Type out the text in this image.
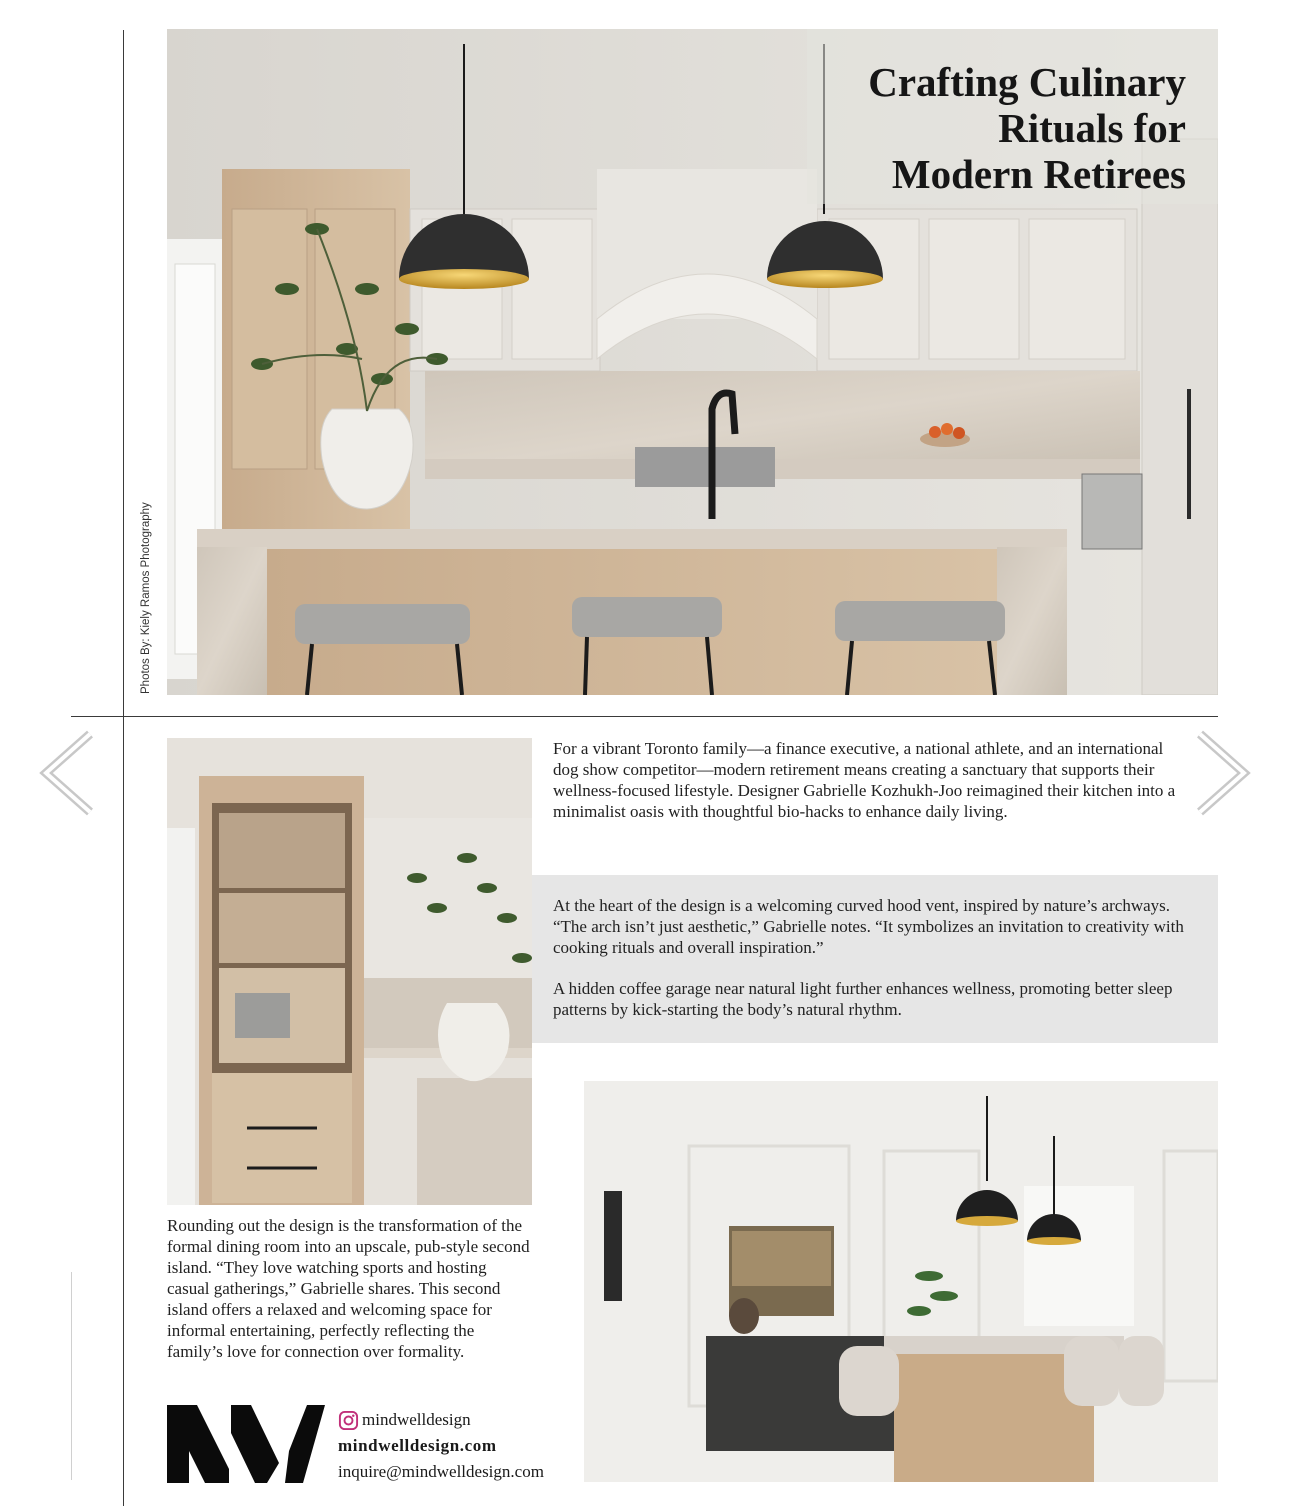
Photos By: Kiely Ramos Photography
Crafting Culinary
Rituals for
Modern Retirees
For a vibrant Toronto family—a finance executive, a national athlete, and an international dog show competitor—modern retirement means creating a sanctuary that supports their wellness-focused lifestyle. Designer Gabrielle Kozhukh-Joo reimagined their kitchen into a minimalist oasis with thoughtful bio-hacks to enhance daily living.
At the heart of the design is a welcoming curved hood vent, inspired by nature’s archways. “The arch isn’t just aesthetic,” Gabrielle notes. “It symbolizes an invitation to creativity with cooking rituals and overall inspiration.”
A hidden coffee garage near natural light further enhances wellness, promoting better sleep patterns by kick-starting the body’s natural rhythm.
Rounding out the design is the transformation of the formal dining room into an upscale, pub-style second island. “They love watching sports and hosting casual gatherings,” Gabrielle shares. This second island offers a relaxed and welcoming space for informal entertaining, perfectly reflecting the family’s love for connection over formality.
mindwelldesign
mindwelldesign.com
inquire@mindwelldesign.com
